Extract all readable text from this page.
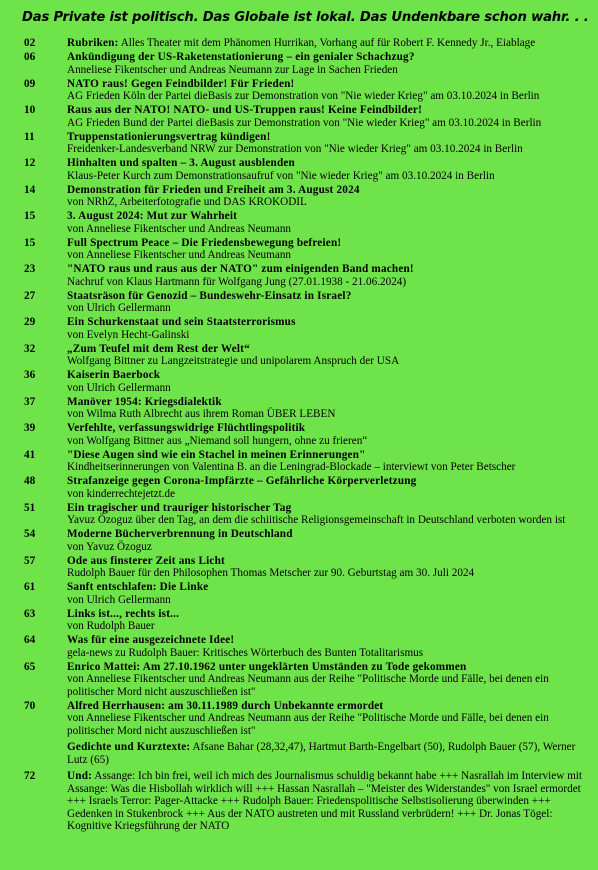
Das Private ist politisch. Das Globale ist lokal. Das Undenkbare schon wahr. . .
02	Rubriken: Alles Theater mit dem Phänomen Hurrikan, Vorhang auf für Robert F. Kennedy Jr., Eiablage
06	Ankündigung der US-Raketenstationierung – ein genialer Schachzug?
Anneliese Fikentscher und Andreas Neumann zur Lage in Sachen Frieden
09	NATO raus! Gegen Feindbilder! Für Frieden!
AG Frieden Köln der Partei dieBasis zur Demonstration von "Nie wieder Krieg" am 03.10.2024 in Berlin
10	Raus aus der NATO! NATO- und US-Truppen raus! Keine Feindbilder!
AG Frieden Bund der Partei dieBasis zur Demonstration von "Nie wieder Krieg" am 03.10.2024 in Berlin
11	Truppenstationierungsvertrag kündigen!
Freidenker-Landesverband NRW zur Demonstration von "Nie wieder Krieg" am 03.10.2024 in Berlin
12	Hinhalten und spalten – 3. August ausblenden
Klaus-Peter Kurch zum Demonstrationsaufruf von "Nie wieder Krieg" am 03.10.2024 in Berlin
14	Demonstration für Frieden und Freiheit am 3. August 2024
von NRhZ, Arbeiterfotografie und DAS KROKODIL
15	3. August 2024: Mut zur Wahrheit
von Anneliese Fikentscher und Andreas Neumann
15	Full Spectrum Peace – Die Friedensbewegung befreien!
von Anneliese Fikentscher und Andreas Neumann
23	"NATO raus und raus aus der NATO" zum einigenden Band machen!
Nachruf von Klaus Hartmann für Wolfgang Jung (27.01.1938 - 21.06.2024)
27	Staatsräson für Genozid – Bundeswehr-Einsatz in Israel?
von Ulrich Gellermann
29	Ein Schurkenstaat und sein Staatsterrorismus
von Evelyn Hecht-Galinski
32	„Zum Teufel mit dem Rest der Welt“
Wolfgang Bittner zu Langzeitstrategie und unipolarem Anspruch der USA
36	Kaiserin Baerbock
von Ulrich Gellermann
37	Manöver 1954: Kriegsdialektik
von Wilma Ruth Albrecht aus ihrem Roman ÜBER LEBEN
39	Verfehlte, verfassungswidrige Flüchtlingspolitik
von Wolfgang Bittner aus „Niemand soll hungern, ohne zu frieren“
41	"Diese Augen sind wie ein Stachel in meinen Erinnerungen"
Kindheitserinnerungen von Valentina B. an die Leningrad-Blockade – interviewt von Peter Betscher
48	Strafanzeige gegen Corona-Impfärzte – Gefährliche Körperverletzung
von kinderrechtejetzt.de
51	Ein tragischer und trauriger historischer Tag
Yavuz Özoguz über den Tag, an dem die schiitische Religionsgemeinschaft in Deutschland verboten worden ist
54	Moderne Bücherverbrennung in Deutschland
von Yavuz Özoguz
57	Ode aus finsterer Zeit ans Licht
Rudolph Bauer für den Philosophen Thomas Metscher zur 90. Geburtstag am 30. Juli 2024
61	Sanft entschlafen: Die Linke
von Ulrich Gellermann
63	Links ist..., rechts ist...
von Rudolph Bauer
64	Was für eine ausgezeichnete Idee!
gela-news zu Rudolph Bauer: Kritisches Wörterbuch des Bunten Totalitarismus
65	Enrico Mattei: Am 27.10.1962 unter ungeklärten Umständen zu Tode gekommen
von Anneliese Fikentscher und Andreas Neumann aus der Reihe "Politische Morde und Fälle, bei denen ein politischer Mord nicht auszuschließen ist"
70	Alfred Herrhausen: am 30.11.1989 durch Unbekannte ermordet
von Anneliese Fikentscher und Andreas Neumann aus der Reihe "Politische Morde und Fälle, bei denen ein politischer Mord nicht auszuschließen ist"
Gedichte und Kurztexte: Afsane Bahar (28,32,47), Hartmut Barth-Engelbart (50), Rudolph Bauer (57), Werner Lutz (65)
72	Und: Assange: Ich bin frei, weil ich mich des Journalismus schuldig bekannt habe +++ Nasrallah im Interview mit Assange: Was die Hisbollah wirklich will +++ Hassan Nasrallah – "Meister des Widerstandes" von Israel ermordet +++ Israels Terror: Pager-Attacke +++ Rudolph Bauer: Friedenspolitische Selbstisolierung überwinden +++ Gedenken in Stukenbrock +++ Aus der NATO austreten und mit Russland verbrüdern! +++ Dr. Jonas Tögel: Kognitive Kriegsführung der NATO
